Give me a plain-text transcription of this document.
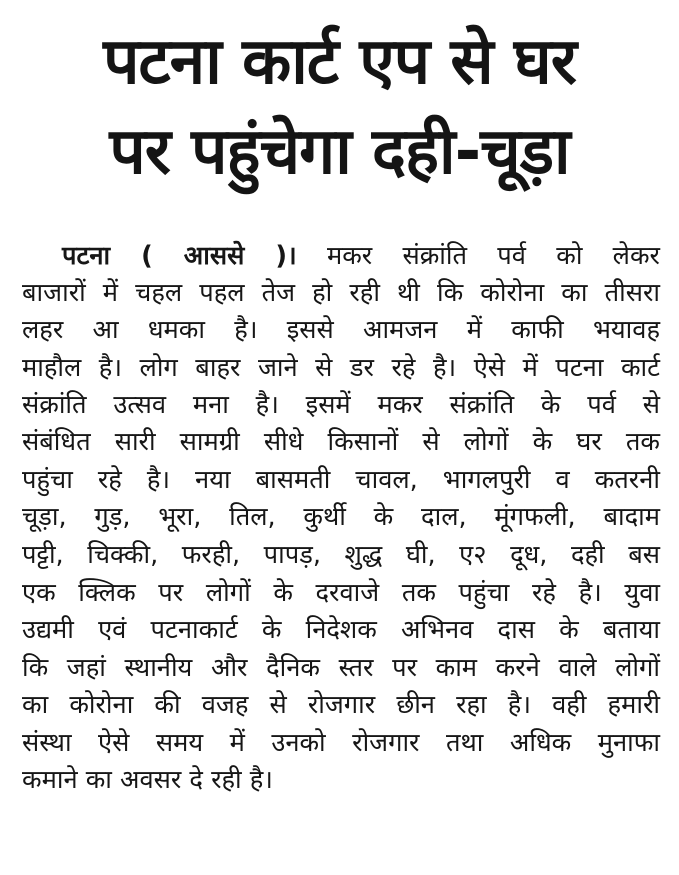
पटना कार्ट एप से घर
पर पहुंचेगा दही-चूड़ा

पटना ( आससे )। मकर संक्रांति पर्व को लेकर

बाजारों में चहल पहल तेज हो रही थी कि कोरोना का तीसरा

लहर आ धमका है। इससे आमजन में काफी भयावह

माहौल है। लोग बाहर जाने से डर रहे है। ऐसे में पटना कार्ट

संक्रांति उत्सव मना है। इसमें मकर संक्रांति के पर्व से

संबंधित सारी सामग्री सीधे किसानों से लोगों के घर तक

पहुंचा रहे है। नया बासमती चावल, भागलपुरी व कतरनी

चूड़ा, गुड़, भूरा, तिल, कुर्थी के दाल, मूंगफली, बादाम

पट्टी, चिक्की, फरही, पापड़, शुद्ध घी, ए२ दूध, दही बस

एक क्लिक पर लोगों के दरवाजे तक पहुंचा रहे है। युवा

उद्यमी एवं पटनाकार्ट के निदेशक अभिनव दास के बताया

कि जहां स्थानीय और दैनिक स्तर पर काम करने वाले लोगों

का कोरोना की वजह से रोजगार छीन रहा है। वही हमारी

संस्था ऐसे समय में उनको रोजगार तथा अधिक मुनाफा

कमाने का अवसर दे रही है।
